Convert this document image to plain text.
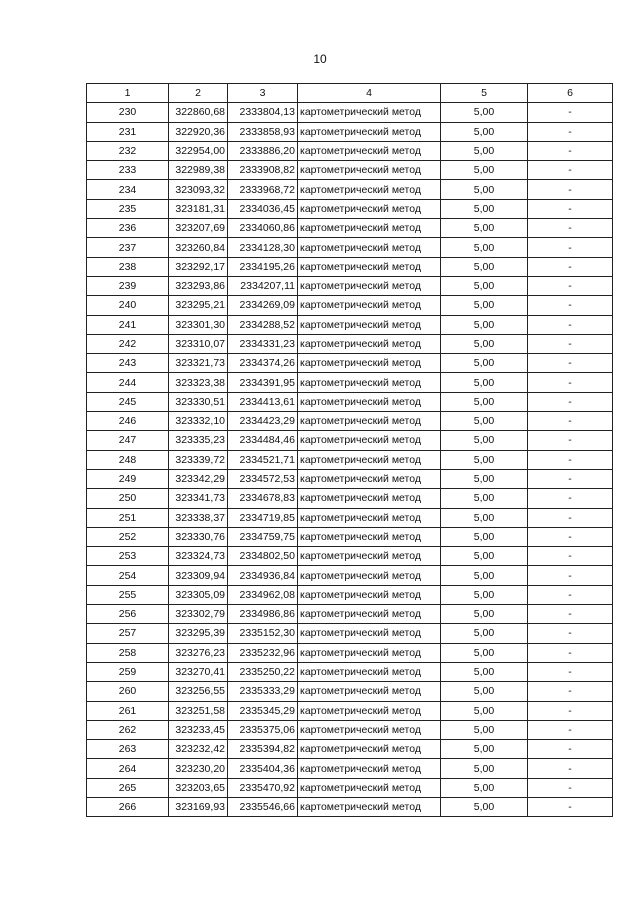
10
1	2	3	4	5	6
230	322860,68	2333804,13	картометрический метод	5,00	-
231	322920,36	2333858,93	картометрический метод	5,00	-
232	322954,00	2333886,20	картометрический метод	5,00	-
233	322989,38	2333908,82	картометрический метод	5,00	-
234	323093,32	2333968,72	картометрический метод	5,00	-
235	323181,31	2334036,45	картометрический метод	5,00	-
236	323207,69	2334060,86	картометрический метод	5,00	-
237	323260,84	2334128,30	картометрический метод	5,00	-
238	323292,17	2334195,26	картометрический метод	5,00	-
239	323293,86	2334207,11	картометрический метод	5,00	-
240	323295,21	2334269,09	картометрический метод	5,00	-
241	323301,30	2334288,52	картометрический метод	5,00	-
242	323310,07	2334331,23	картометрический метод	5,00	-
243	323321,73	2334374,26	картометрический метод	5,00	-
244	323323,38	2334391,95	картометрический метод	5,00	-
245	323330,51	2334413,61	картометрический метод	5,00	-
246	323332,10	2334423,29	картометрический метод	5,00	-
247	323335,23	2334484,46	картометрический метод	5,00	-
248	323339,72	2334521,71	картометрический метод	5,00	-
249	323342,29	2334572,53	картометрический метод	5,00	-
250	323341,73	2334678,83	картометрический метод	5,00	-
251	323338,37	2334719,85	картометрический метод	5,00	-
252	323330,76	2334759,75	картометрический метод	5,00	-
253	323324,73	2334802,50	картометрический метод	5,00	-
254	323309,94	2334936,84	картометрический метод	5,00	-
255	323305,09	2334962,08	картометрический метод	5,00	-
256	323302,79	2334986,86	картометрический метод	5,00	-
257	323295,39	2335152,30	картометрический метод	5,00	-
258	323276,23	2335232,96	картометрический метод	5,00	-
259	323270,41	2335250,22	картометрический метод	5,00	-
260	323256,55	2335333,29	картометрический метод	5,00	-
261	323251,58	2335345,29	картометрический метод	5,00	-
262	323233,45	2335375,06	картометрический метод	5,00	-
263	323232,42	2335394,82	картометрический метод	5,00	-
264	323230,20	2335404,36	картометрический метод	5,00	-
265	323203,65	2335470,92	картометрический метод	5,00	-
266	323169,93	2335546,66	картометрический метод	5,00	-
